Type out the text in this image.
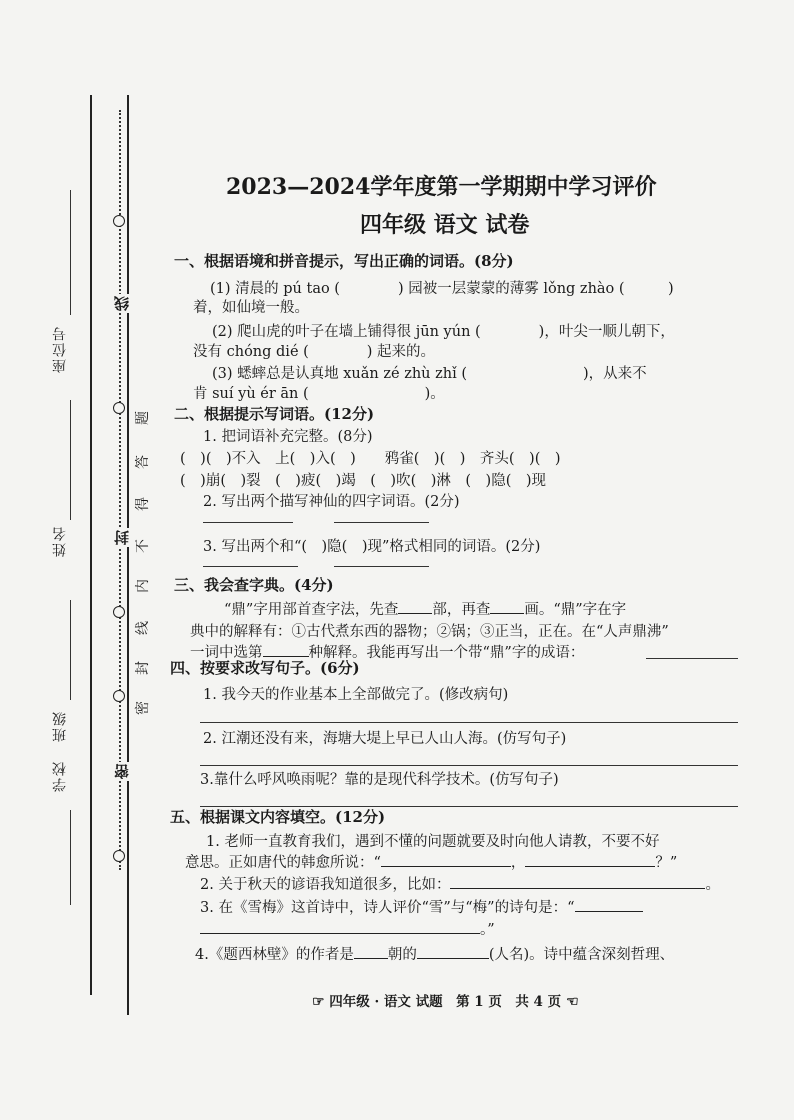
线
封
密
题
答
得
不
内
线
封
密
座位号
姓名
班级
学校
2023—2024学年度第一学期期中学习评价
四年级 语文 试卷
一、根据语境和拼音提示，写出正确的词语。(8分)
(1) 清晨的 pú tao (　　　　) 园被一层蒙蒙的薄雾 lǒng zhào (　　　)
着，如仙境一般。
(2) 爬山虎的叶子在墙上铺得很 jūn yún (　　　　)，叶尖一顺儿朝下，
没有 chóng dié (　　　　) 起来的。
(3) 蟋蟀总是认真地 xuǎn zé zhù zhǐ (　　　　　　　　)，从来不
肯 suí yù ér ān (　　　　　　　　)。
二、根据提示写词语。(12分)
1. 把词语补充完整。(8分)
(　)(　)不入　上(　)入(　)　　鸦雀(　)(　)　齐头(　)(　)
(　)崩(　)裂　(　)疲(　)竭　(　)吹(　)淋　(　)隐(　)现
2. 写出两个描写神仙的四字词语。(2分)
3. 写出两个和“(　)隐(　)现”格式相同的词语。(2分)
三、我会查字典。(4分)
“鼎”字用部首查字法，先查 部，再查 画。“鼎”字在字
典中的解释有：①古代煮东西的器物；②锅；③正当，正在。在“人声鼎沸”
一词中选第	种解释。我能再写出一个带“鼎”字的成语：
四、按要求改写句子。(6分)
1. 我今天的作业基本上全部做完了。(修改病句)
2. 江潮还没有来，海塘大堤上早已人山人海。(仿写句子)
3.靠什么呼风唤雨呢？靠的是现代科学技术。(仿写句子)
五、根据课文内容填空。(12分)
1. 老师一直教育我们，遇到不懂的问题就要及时向他人请教，不要不好
意思。正如唐代的韩愈所说：“	，	？”
2. 关于秋天的谚语我知道很多，比如：	。
3. 在《雪梅》这首诗中，诗人评价“雪”与“梅”的诗句是：“
。”
4.《题西林壁》的作者是 朝的	(人名)。诗中蕴含深刻哲理、
☞ 四年级 · 语文 试题　第 1 页　共 4 页 ☞
